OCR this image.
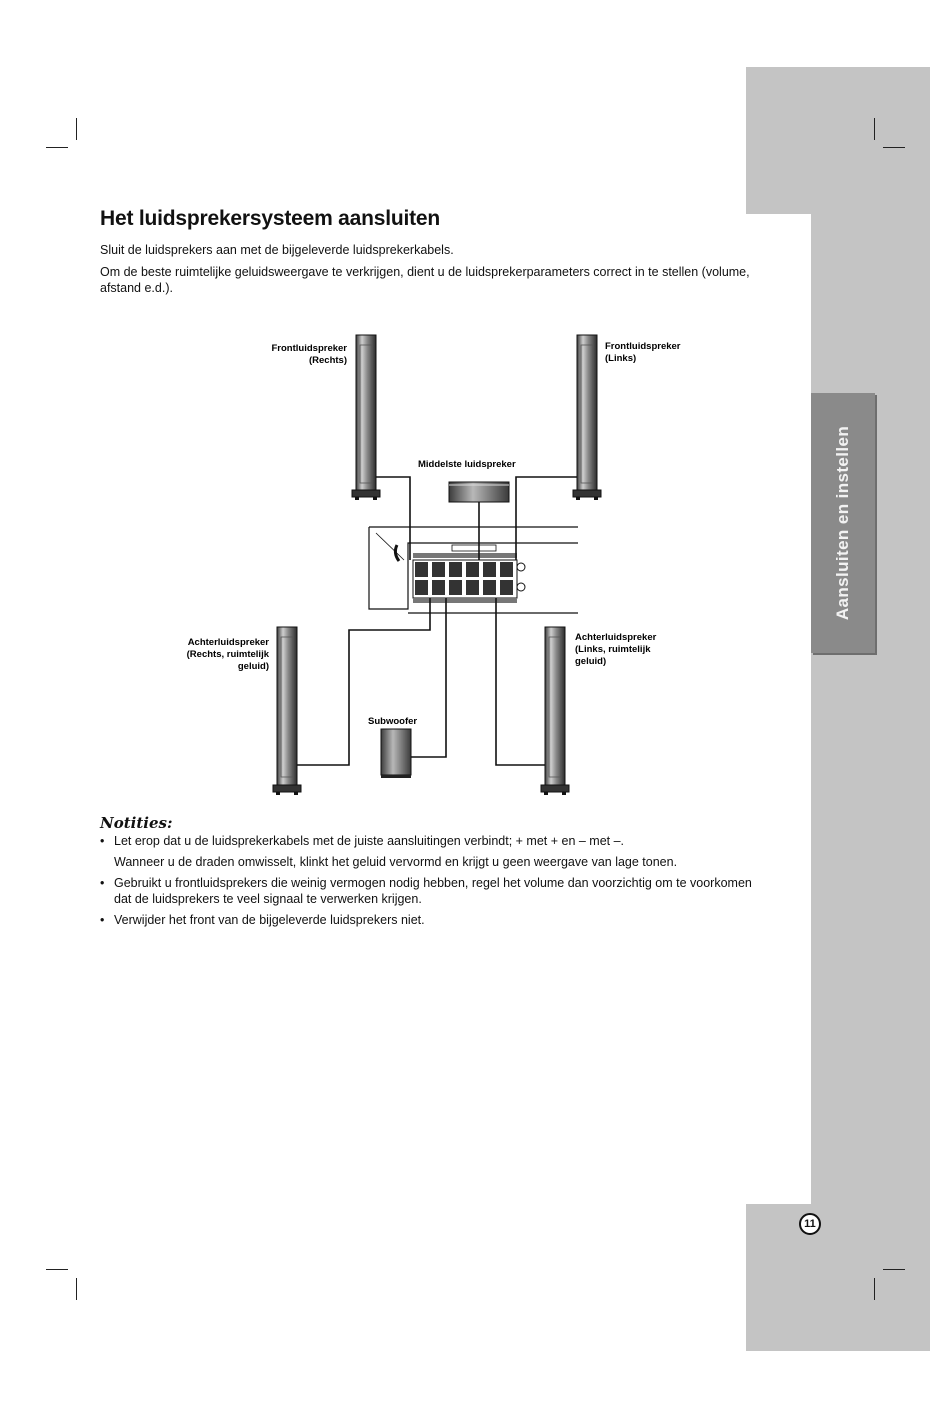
Aansluiten en instellen
11
Het luidsprekersysteem aansluiten

Sluit de luidsprekers aan met de bijgeleverde luidsprekerkabels.

Om de beste ruimtelijke geluidsweergave te verkrijgen, dient u de luidsprekerparameters correct in te stellen (volume, afstand e.d.).

Frontluidspreker
(Rechts)
Frontluidspreker
(Links)
Middelste luidspreker
Achterluidspreker
(Rechts, ruimtelijk
geluid)
Achterluidspreker
(Links, ruimtelijk
geluid)
Subwoofer
Notities:
• Let erop dat u de luidsprekerkabels met de juiste aansluitingen verbindt; + met + en – met –.
Wanneer u de draden omwisselt, klinkt het geluid vervormd en krijgt u geen weergave van lage tonen.
• Gebruikt u frontluidsprekers die weinig vermogen nodig hebben, regel het volume dan voorzichtig om te voorkomen dat de luidsprekers te veel signaal te verwerken krijgen.
• Verwijder het front van de bijgeleverde luidsprekers niet.
